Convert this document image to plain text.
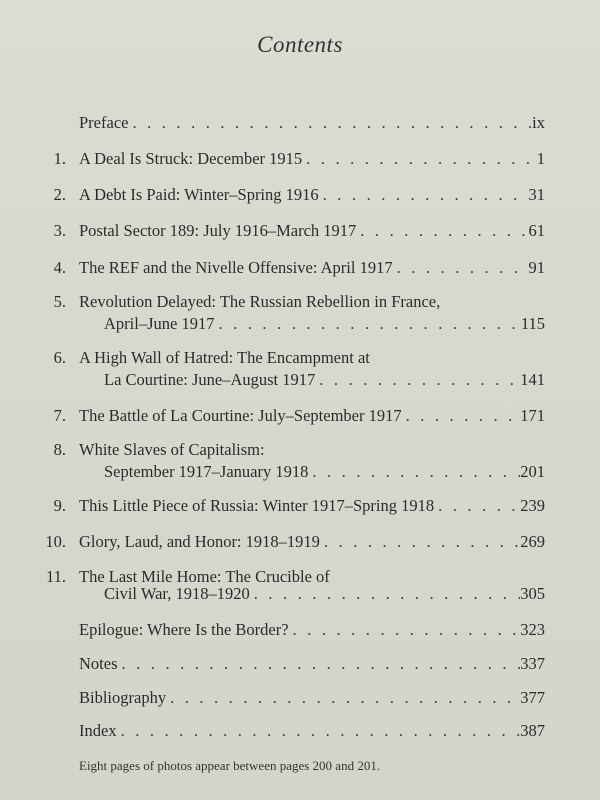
Contents
Preface . . .	ix
1. A Deal Is Struck: December 1915 . . .	1
2. A Debt Is Paid: Winter–Spring 1916 . . .	31
3. Postal Sector 189: July 1916–March 1917 . . .	61
4. The REF and the Nivelle Offensive: April 1917 . . .	91
5. Revolution Delayed: The Russian Rebellion in France,
April–June 1917 . . .	115
6. A High Wall of Hatred: The Encampment at
La Courtine: June–August 1917 . . .	141
7. The Battle of La Courtine: July–September 1917 . . .	171
8. White Slaves of Capitalism:
September 1917–January 1918 . . .	201
9. This Little Piece of Russia: Winter 1917–Spring 1918 . . .	239
10. Glory, Laud, and Honor: 1918–1919 . . .	269
11. The Last Mile Home: The Crucible of
Civil War, 1918–1920 . . .	305
Epilogue: Where Is the Border? . . .	323
Notes . . .	337
Bibliography . . .	377
Index . . .	387
Eight pages of photos appear between pages 200 and 201.
